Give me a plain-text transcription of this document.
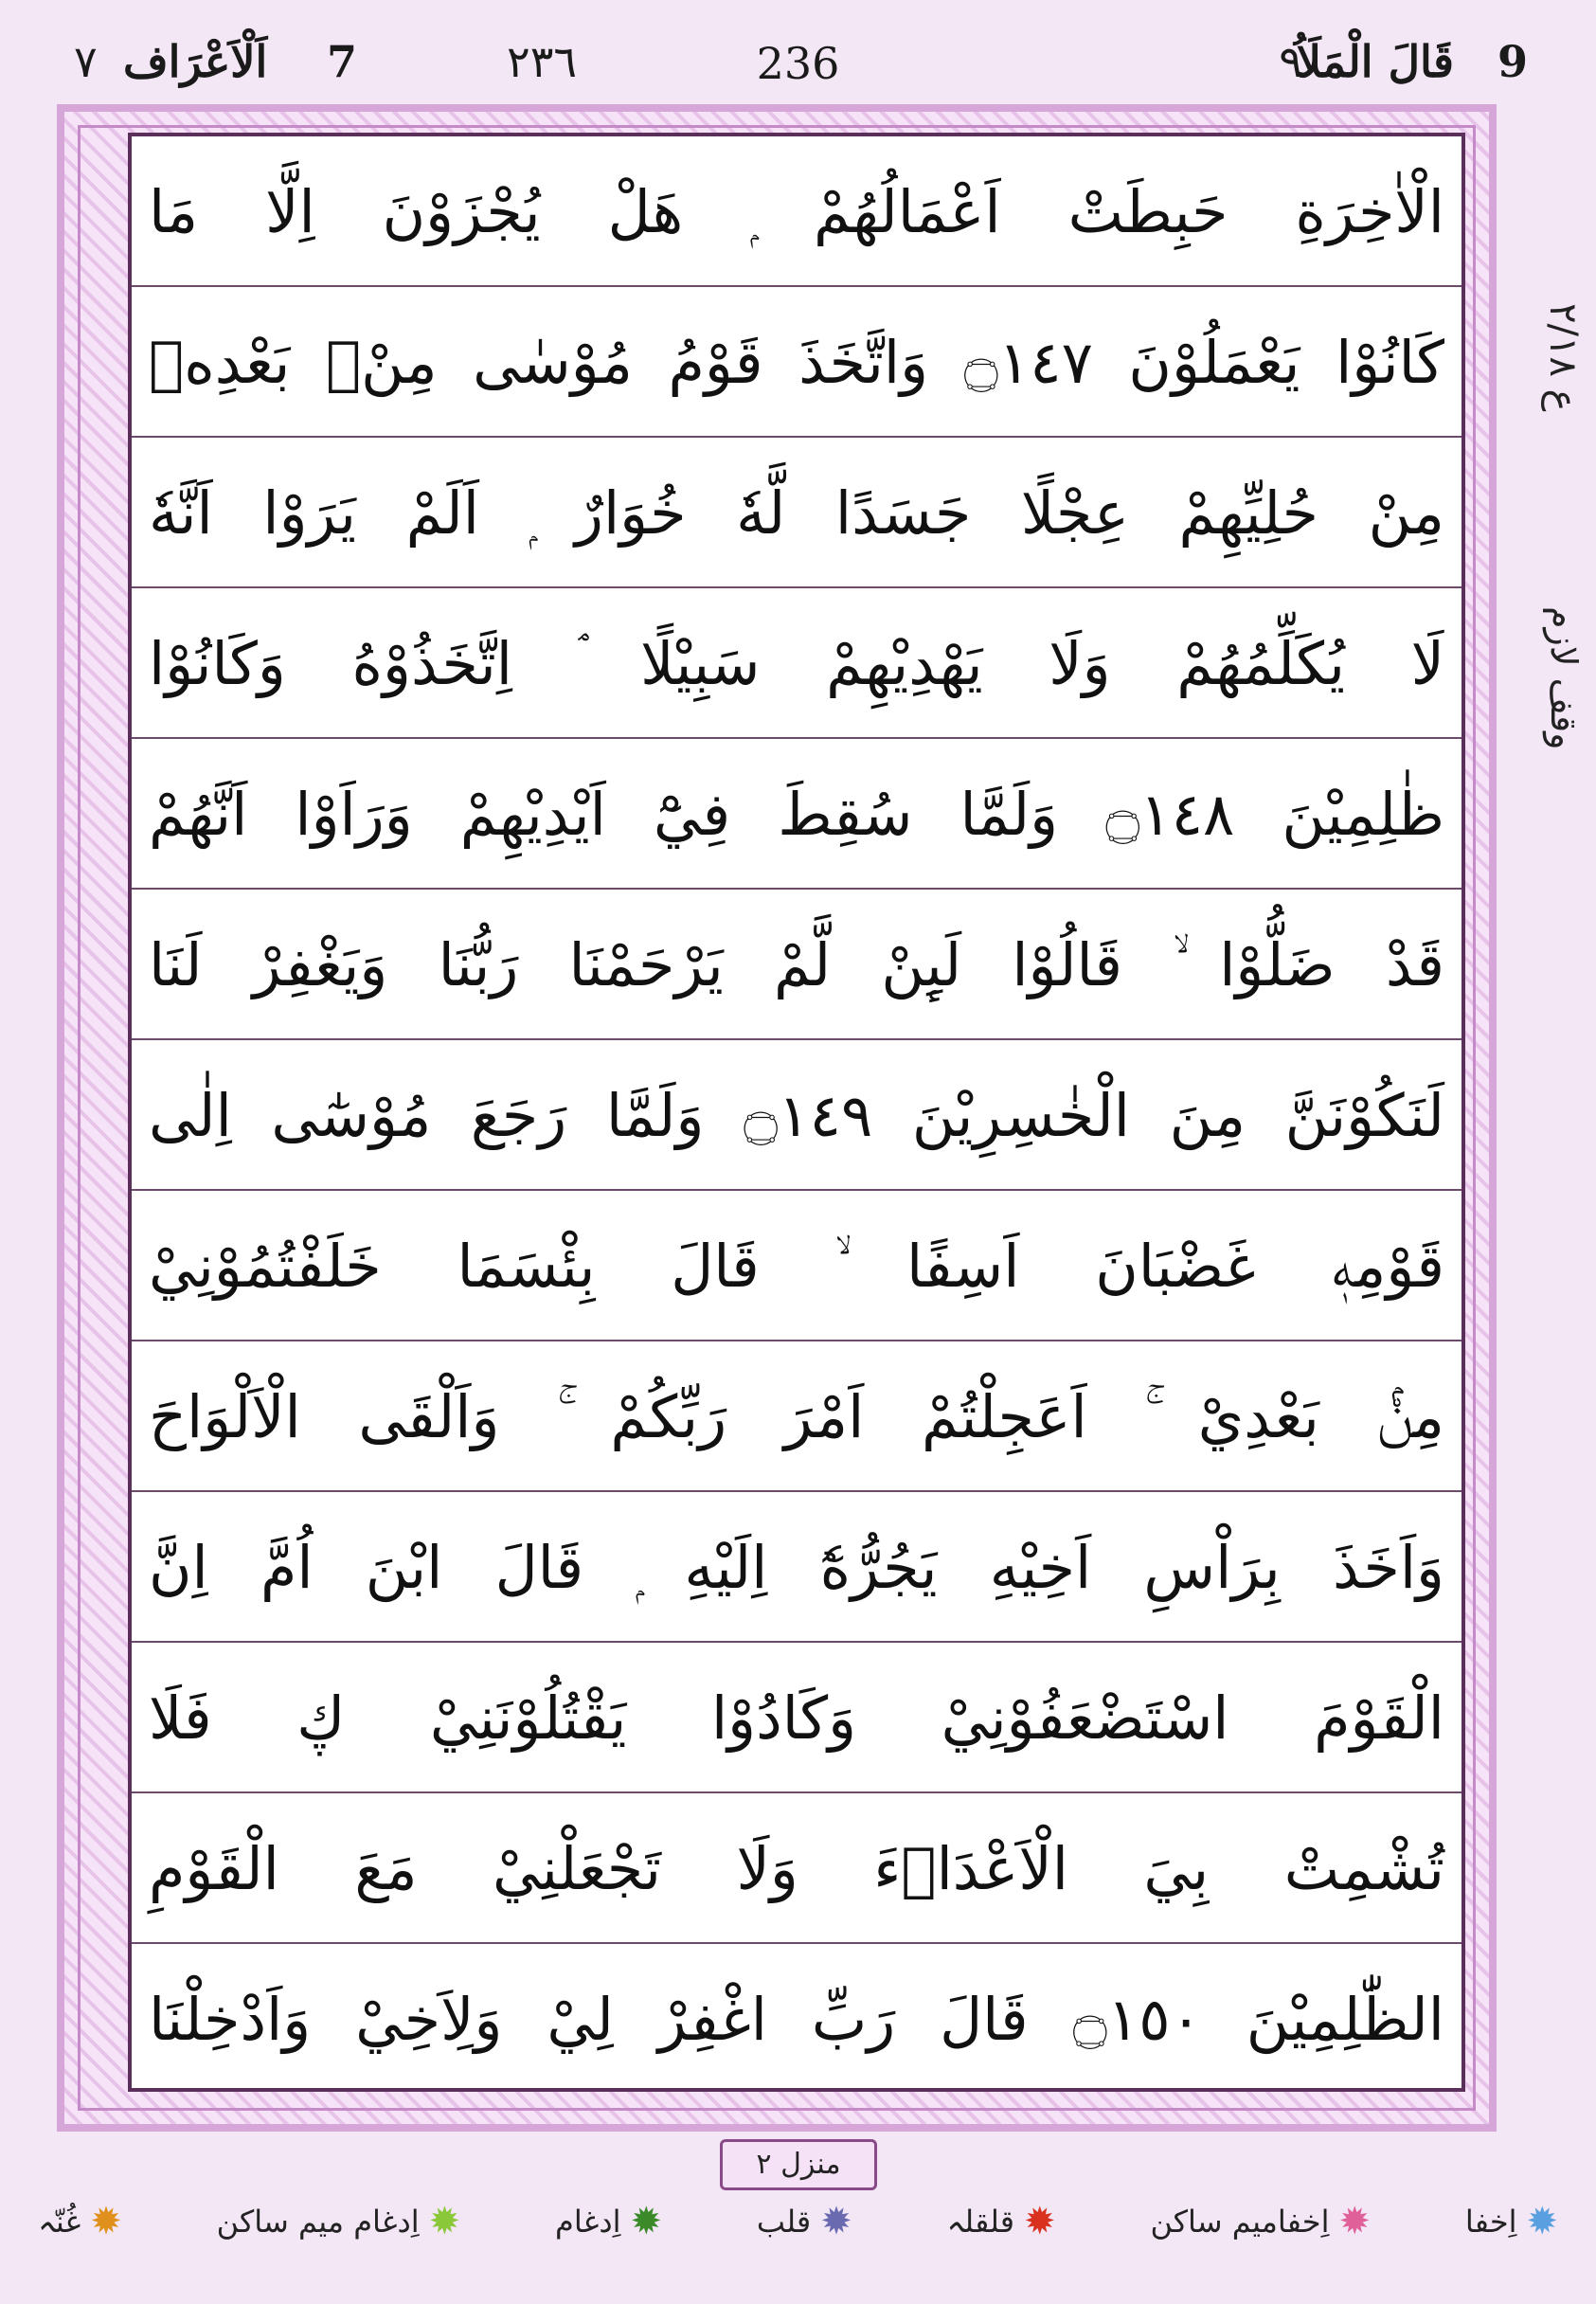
9
قَالَ الْمَلَاُ
٩
236
٢٣٦
7
اَلْاَعْرَاف
٧
الْاٰخِرَةِ حَبِطَتْ اَعْمَالُهُمْ ۭ هَلْ يُجْزَوْنَ اِلَّا مَا
كَانُوْا يَعْمَلُوْنَ ۝١٤٧ وَاتَّخَذَ قَوْمُ مُوْسٰى مِنْۢ بَعْدِهٖ
مِنْ حُلِيِّهِمْ عِجْلًا جَسَدًا لَّهٗ خُوَارٌ ۭ اَلَمْ يَرَوْا اَنَّهٗ
لَا يُكَلِّمُهُمْ وَلَا يَهْدِيْهِمْ سَبِيْلًا ۘ اِتَّخَذُوْهُ وَكَانُوْا
ظٰلِمِيْنَ ۝١٤٨ وَلَمَّا سُقِطَ فِيْٓ اَيْدِيْهِمْ وَرَاَوْا اَنَّهُمْ
قَدْ ضَلُّوْا ۙ قَالُوْا لَىِٕنْ لَّمْ يَرْحَمْنَا رَبُّنَا وَيَغْفِرْ لَنَا
لَنَكُوْنَنَّ مِنَ الْخٰسِرِيْنَ ۝١٤٩ وَلَمَّا رَجَعَ مُوْسٰٓى اِلٰى
قَوْمِهٖ غَضْبَانَ اَسِفًا ۙ قَالَ بِئْسَمَا خَلَفْتُمُوْنِيْ
مِنْۢ بَعْدِيْ ۚ اَعَجِلْتُمْ اَمْرَ رَبِّكُمْ ۚ وَاَلْقَى الْاَلْوَاحَ
وَاَخَذَ بِرَاْسِ اَخِيْهِ يَجُرُّهٗٓ اِلَيْهِ ۭ قَالَ ابْنَ اُمَّ اِنَّ
الْقَوْمَ اسْتَضْعَفُوْنِيْ وَكَادُوْا يَقْتُلُوْنَنِيْ ڮ فَلَا
تُشْمِتْ بِيَ الْاَعْدَاۗءَ وَلَا تَجْعَلْنِيْ مَعَ الْقَوْمِ
الظّٰلِمِيْنَ ۝١٥٠ قَالَ رَبِّ اغْفِرْ لِيْ وَلِاَخِيْ وَاَدْخِلْنَا
ع ٢/١٨
وقف لازم
منزل ٢
✹
اِخفا
✹
اِخفامیم ساکن
✹
قلقلہ
✹
قلب
✹
اِدغام
✹
اِدغام میم ساکن
✹
غُنّہ
